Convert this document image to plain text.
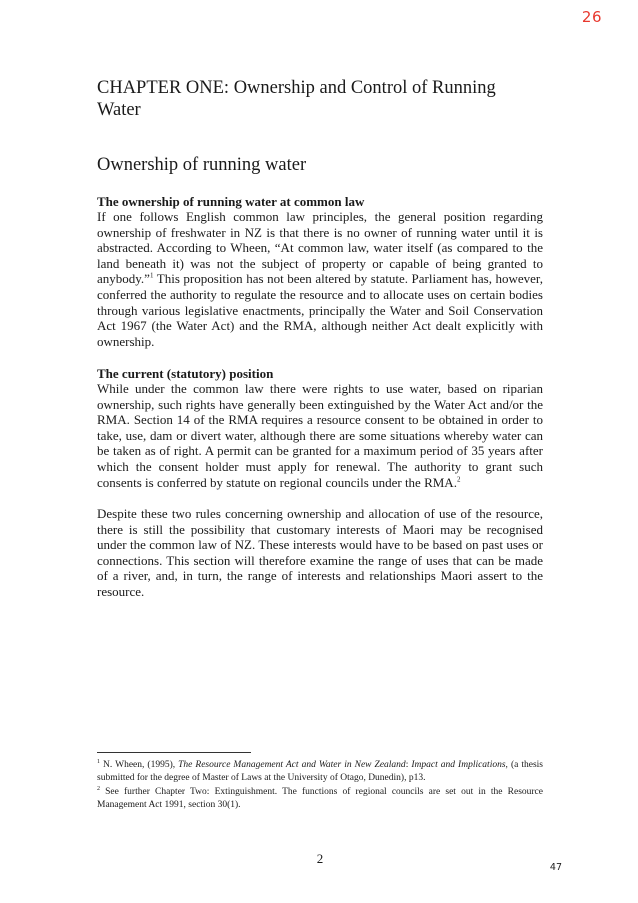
26
CHAPTER ONE: Ownership and Control of Running Water
Ownership of running water

The ownership of running water at common law

If one follows English common law principles, the general position regarding ownership of freshwater in NZ is that there is no owner of running water until it is abstracted. According to Wheen, “At common law, water itself (as compared to the land beneath it) was not the subject of property or capable of being granted to anybody.”$^1$ This proposition has not been altered by statute. Parliament has, however, conferred the authority to regulate the resource and to allocate uses on certain bodies through various legislative enactments, principally the Water and Soil Conservation Act 1967 (the Water Act) and the RMA, although neither Act dealt explicitly with ownership.

The current (statutory) position

While under the common law there were rights to use water, based on riparian ownership, such rights have generally been extinguished by the Water Act and/or the RMA. Section 14 of the RMA requires a resource consent to be obtained in order to take, use, dam or divert water, although there are some situations whereby water can be taken as of right. A permit can be granted for a maximum period of 35 years after which the consent holder must apply for renewal. The authority to grant such consents is conferred by statute on regional councils under the RMA.$^2$

Despite these two rules concerning ownership and allocation of use of the resource, there is still the possibility that customary interests of Maori may be recognised under the common law of NZ. These interests would have to be based on past uses or connections. This section will therefore examine the range of uses that can be made of a river, and, in turn, the range of interests and relationships Maori assert to the resource.

$^1$ N. Wheen, (1995), The Resource Management Act and Water in New Zealand: Impact and Implications, (a thesis submitted for the degree of Master of Laws at the University of Otago, Dunedin), p13.

$^2$ See further Chapter Two: Extinguishment. The functions of regional councils are set out in the Resource Management Act 1991, section 30(1).

2
47
